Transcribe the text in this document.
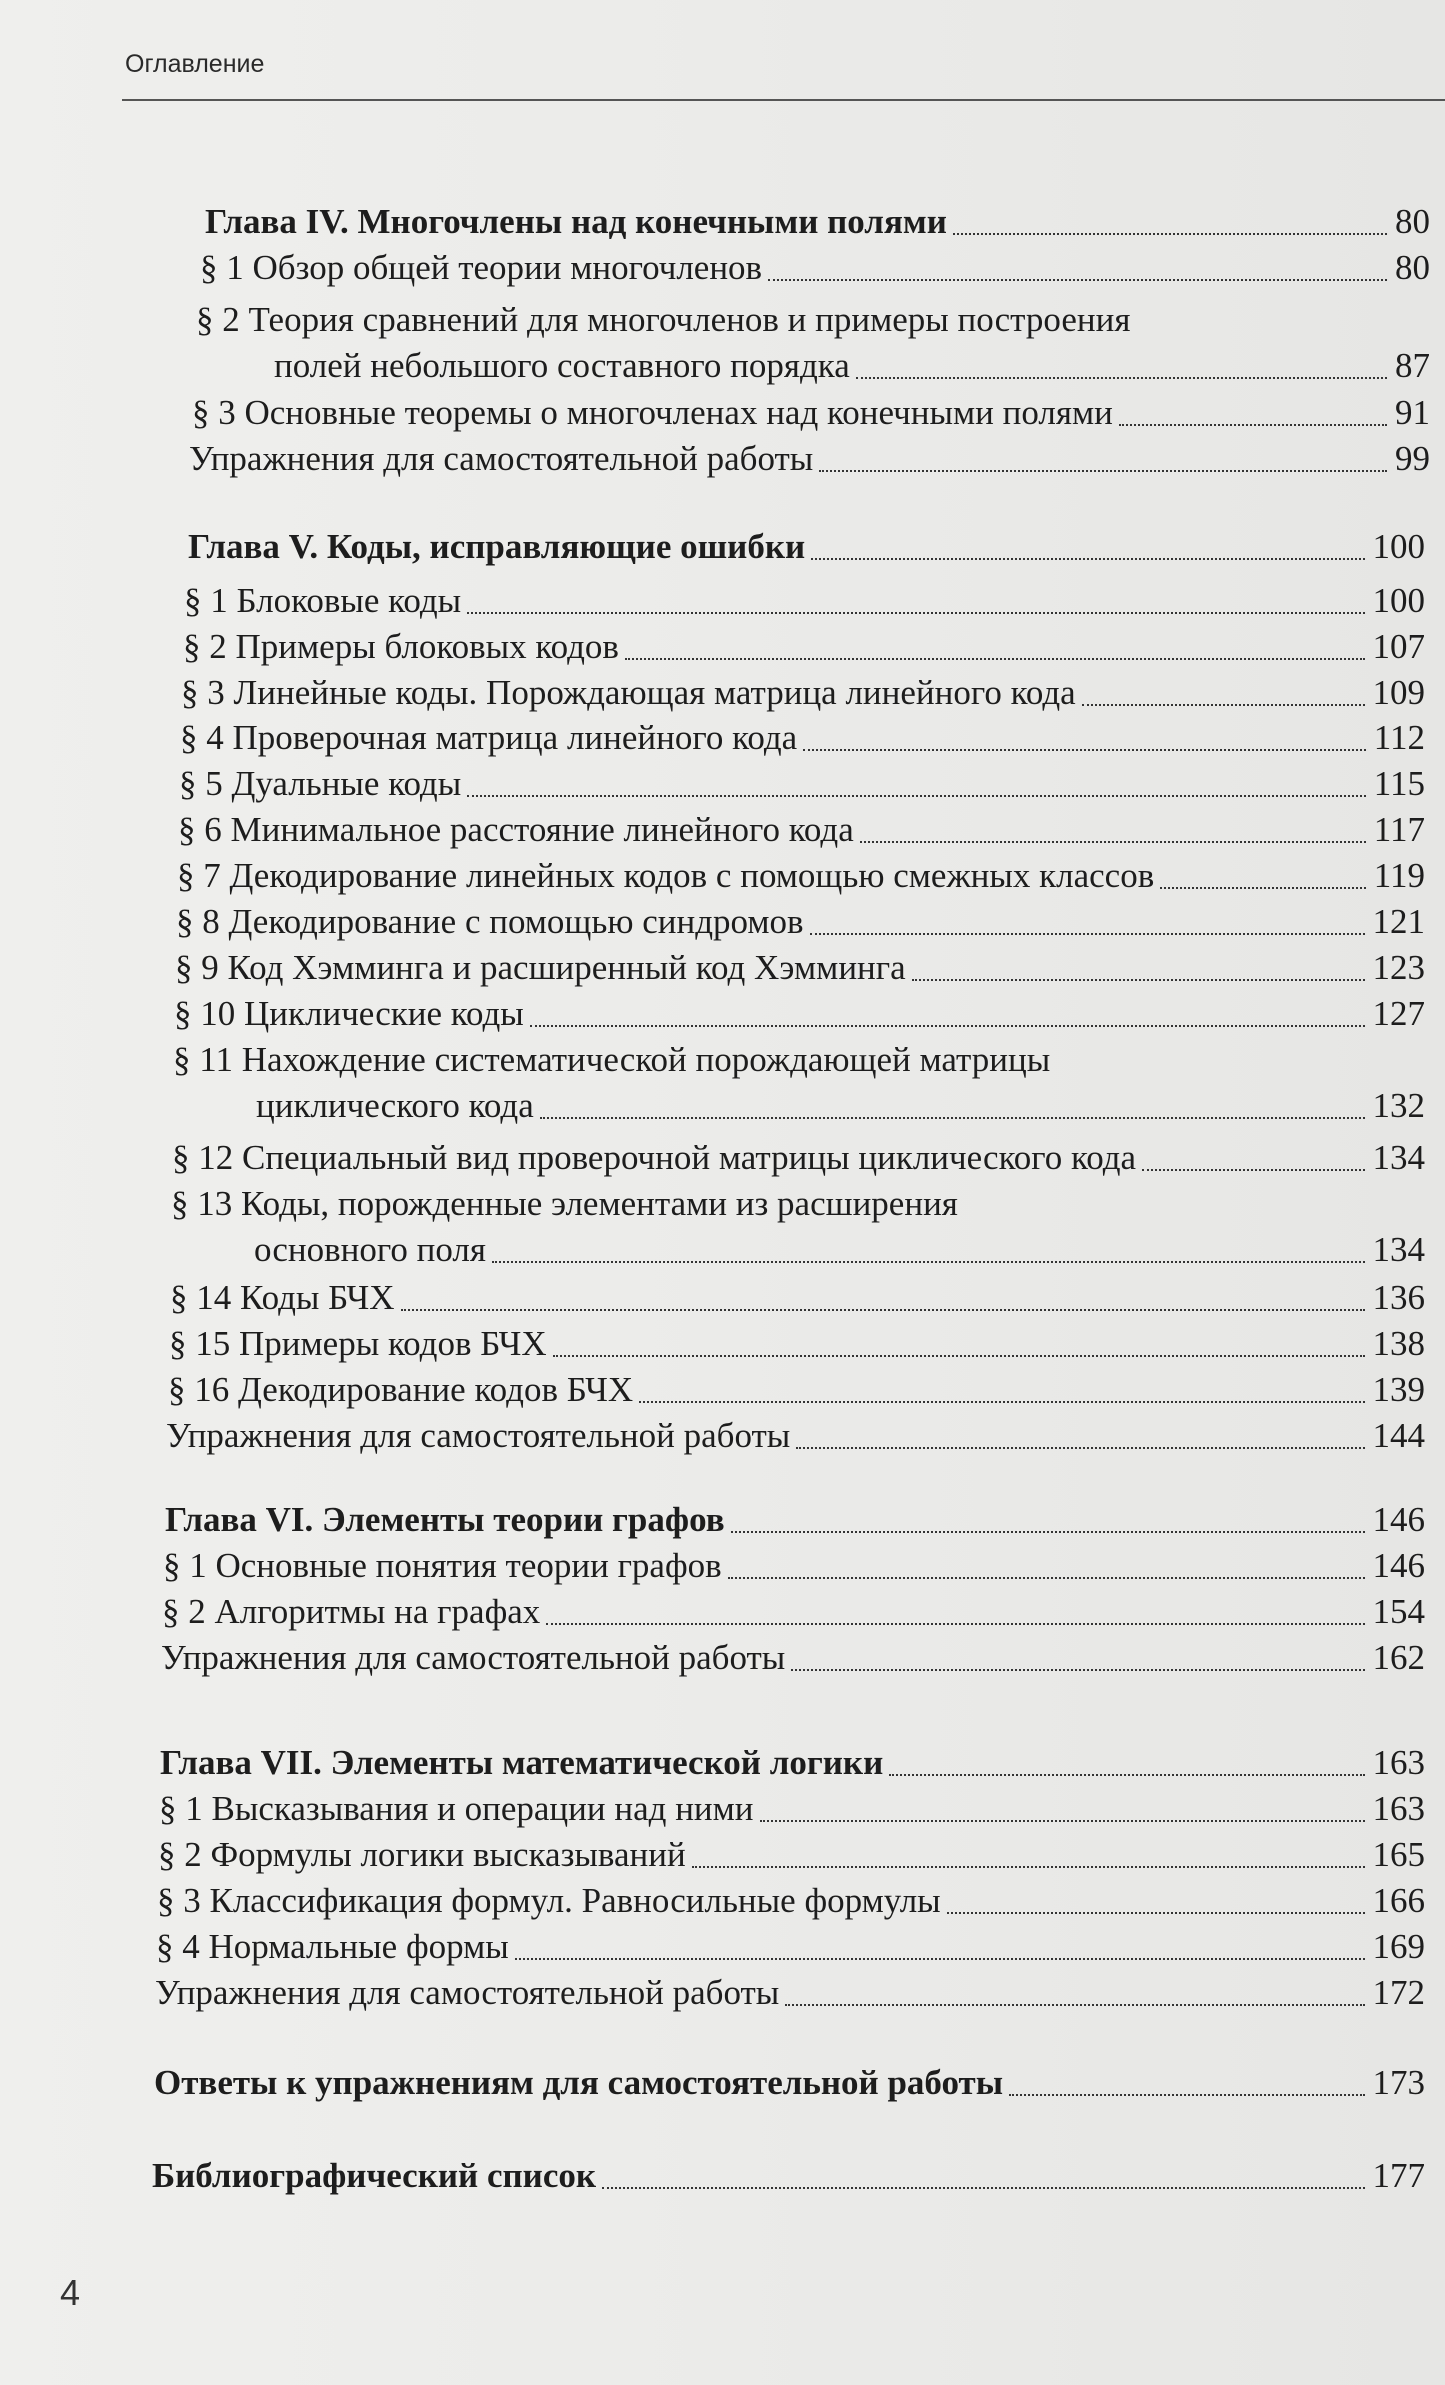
Оглавление
Глава IV. Многочлены над конечными полями	80
§ 1 Обзор общей теории многочленов	80
§ 2 Теория сравнений для многочленов и примеры построения
полей небольшого составного порядка	87
§ 3 Основные теоремы о многочленах над конечными полями	91
Упражнения для самостоятельной работы	99
Глава V. Коды, исправляющие ошибки	100
§ 1 Блоковые коды	100
§ 2 Примеры блоковых кодов	107
§ 3 Линейные коды. Порождающая матрица линейного кода	109
§ 4 Проверочная матрица линейного кода	112
§ 5 Дуальные коды	115
§ 6 Минимальное расстояние линейного кода	117
§ 7 Декодирование линейных кодов с помощью смежных классов	119
§ 8 Декодирование с помощью синдромов	121
§ 9 Код Хэмминга и расширенный код Хэмминга	123
§ 10 Циклические коды	127
§ 11 Нахождение систематической порождающей матрицы
циклического кода	132
§ 12 Специальный вид проверочной матрицы циклического кода	134
§ 13 Коды, порожденные элементами из расширения
основного поля	134
§ 14 Коды БЧХ	136
§ 15 Примеры кодов БЧХ	138
§ 16 Декодирование кодов БЧХ	139
Упражнения для самостоятельной работы	144
Глава VI. Элементы теории графов	146
§ 1 Основные понятия теории графов	146
§ 2 Алгоритмы на графах	154
Упражнения для самостоятельной работы	162
Глава VII. Элементы математической логики	163
§ 1 Высказывания и операции над ними	163
§ 2 Формулы логики высказываний	165
§ 3 Классификация формул. Равносильные формулы	166
§ 4 Нормальные формы	169
Упражнения для самостоятельной работы	172
Ответы к упражнениям для самостоятельной работы	173
Библиографический список	177
4
